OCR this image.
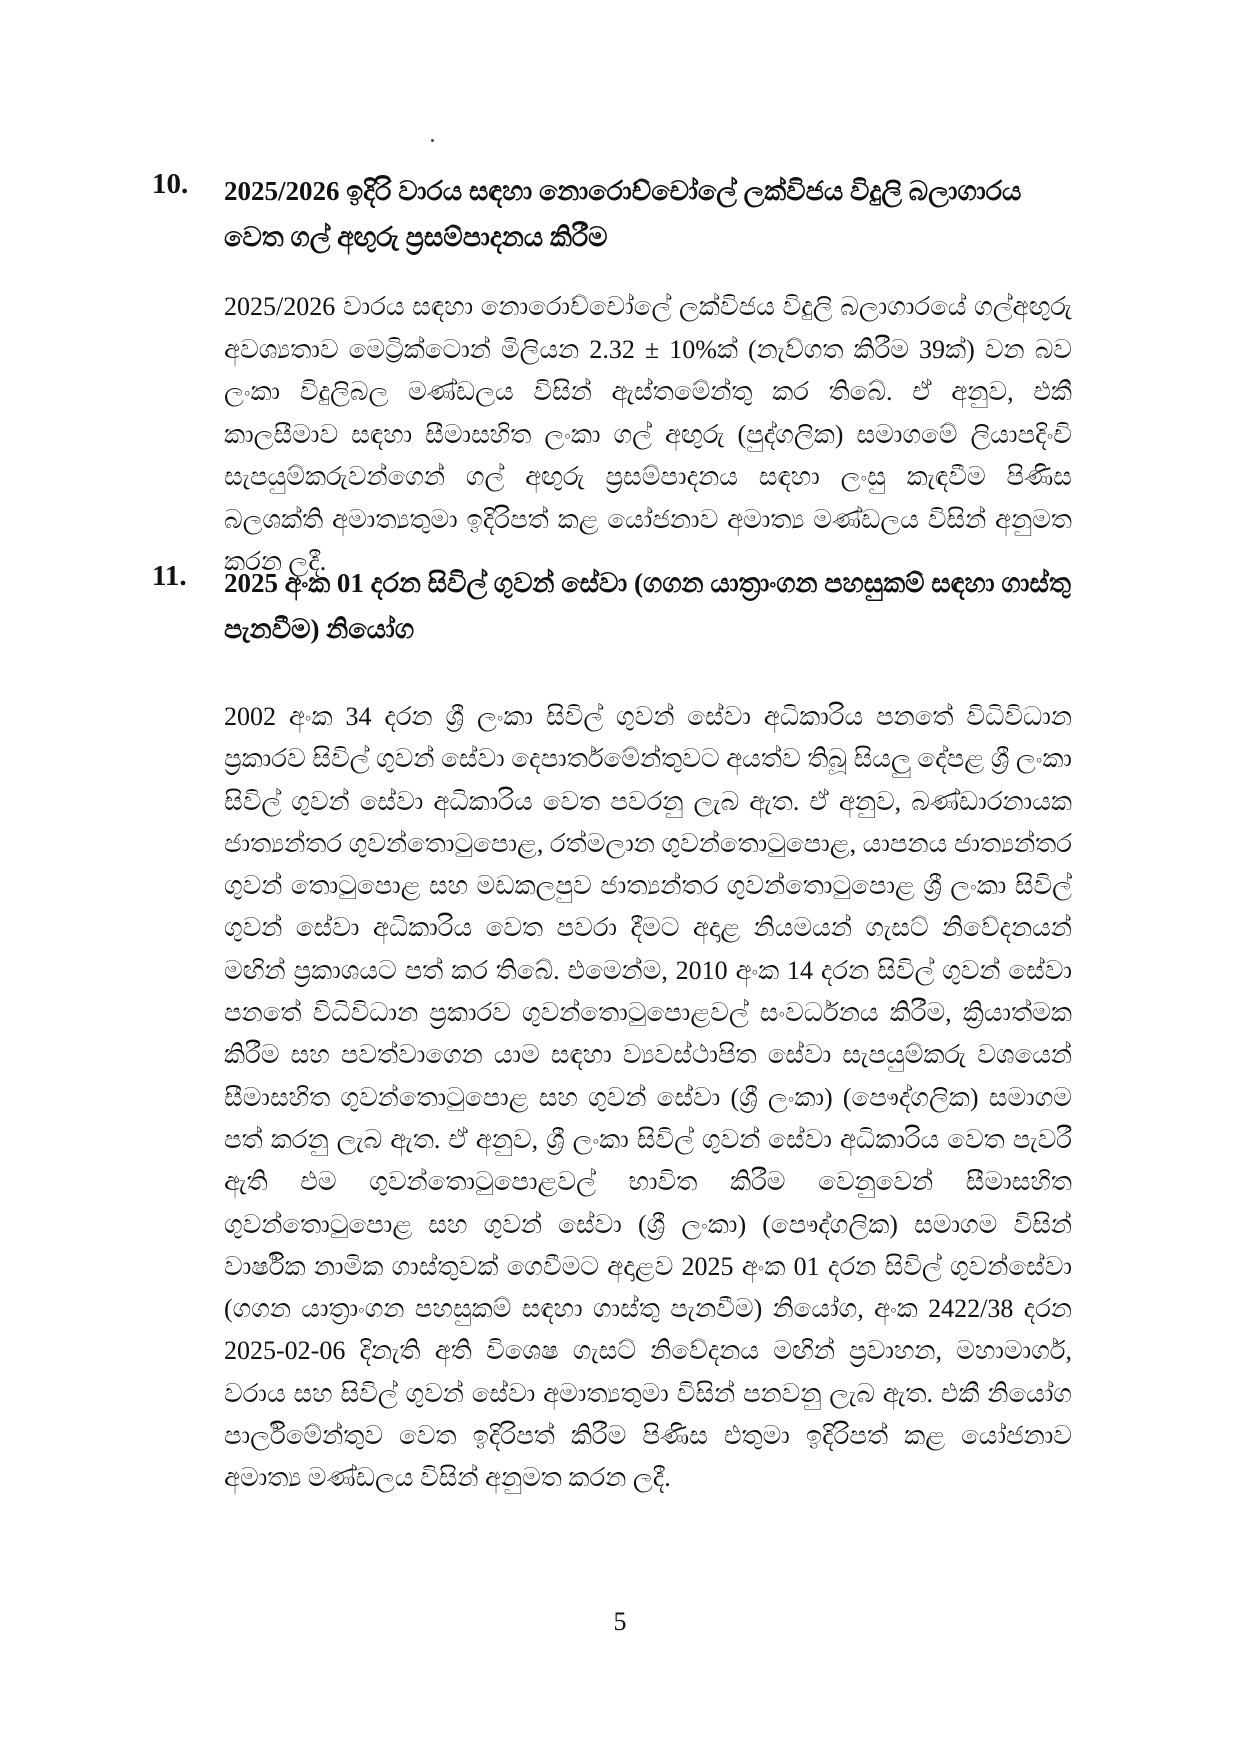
10. 2025/2026 ඉදිරි වාරය සඳහා නොරොච්චෝලේ ලක්විජය විදුලි බලාගාරය වෙත ගල් අඟුරු ප්‍රසම්පාදනය කිරීම
2025/2026 වාරය සඳහා නොරොච්චෝලේ ලක්විජය විදුලි බලාගාරයේ ගල්අඟුරු අවශ්‍යතාව මෙට්‍රික්ටොන් මිලියන 2.32 ± 10%ක් (නැව්ගත කිරීම 39ක්) වන බව ලංකා විදුලිබල මණ්ඩලය විසින් ඇස්තමේන්තු කර තිබේ. ඒ අනුව, එකී කාලසීමාව සඳහා සීමාසහිත ලංකා ගල් අඟුරු (පුද්ගලික) සමාගමේ ලියාපදිංචි සැපයුම්කරුවන්ගෙන් ගල් අඟුරු ප්‍රසම්පාදනය සඳහා ලංසු කැඳවීම පිණිස බලශක්ති අමාත්‍යතුමා ඉදිරිපත් කළ යෝජනාව අමාත්‍ය මණ්ඩලය විසින් අනුමත කරන ලදී.
11. 2025 අංක 01 දරන සිවිල් ගුවන් සේවා (ගගන යාත්‍රාංගන පහසුකම් සඳහා ගාස්තු පැනවීම) නියෝග
2002 අංක 34 දරන ශ්‍රී ලංකා සිවිල් ගුවන් සේවා අධිකාරිය පනතේ විධිවිධාන ප්‍රකාරව සිවිල් ගුවන් සේවා දෙපාර්තමේන්තුවට අයත්ව තිබූ සියලු දේපළ ශ්‍රී ලංකා සිවිල් ගුවන් සේවා අධිකාරිය වෙත පවරනු ලැබ ඇත. ඒ අනුව, බණ්ඩාරනායක ජාත්‍යන්තර ගුවන්තොටුපොළ, රත්මලාන ගුවන්තොටුපොළ, යාපනය ජාත්‍යන්තර ගුවන් තොටුපොළ සහ මඩකලපුව ජාත්‍යන්තර ගුවන්තොටුපොළ ශ්‍රී ලංකා සිවිල් ගුවන් සේවා අධිකාරිය වෙත පවරා දීමට අදාළ නියමයන් ගැසට් නිවේදනයන් මඟින් ප්‍රකාශයට පත් කර තිබේ. එමෙන්ම, 2010 අංක 14 දරන සිවිල් ගුවන් සේවා පනතේ විධිවිධාන ප්‍රකාරව ගුවන්තොටුපොළවල් සංවර්ධනය කිරීම, ක්‍රියාත්මක කිරීම සහ පවත්වාගෙන යාම සඳහා ව්‍යවස්ථාපිත සේවා සැපයුම්කරු වශයෙන් සීමාසහිත ගුවන්තොටුපොළ සහ ගුවන් සේවා (ශ්‍රී ලංකා) (පෞද්ගලික) සමාගම පත් කරනු ලැබ ඇත. ඒ අනුව, ශ්‍රී ලංකා සිවිල් ගුවන් සේවා අධිකාරිය වෙත පැවරී ඇති එම ගුවන්තොටුපොළවල් භාවිත කිරීම වෙනුවෙන් සීමාසහිත ගුවන්තොටුපොළ සහ ගුවන් සේවා (ශ්‍රී ලංකා) (පෞද්ගලික) සමාගම විසින් වාර්ෂික නාමික ගාස්තුවක් ගෙවීමට අදාළව 2025 අංක 01 දරන සිවිල් ගුවන්සේවා (ගගන යාත්‍රාංගන පහසුකම් සඳහා ගාස්තු පැනවීම) නියෝග, අංක 2422/38 දරන 2025-02-06 දිනැති අති විශෙෂ ගැසට් නිවේදනය මඟින් ප්‍රවාහන, මහාමාර්ග, වරාය සහ සිවිල් ගුවන් සේවා අමාත්‍යතුමා විසින් පනවනු ලැබ ඇත. එකී නියෝග පාර්ලිමේන්තුව වෙත ඉදිරිපත් කිරීම පිණිස එතුමා ඉදිරිපත් කළ යෝජනාව අමාත්‍ය මණ්ඩලය විසින් අනුමත කරන ලදී.
5
